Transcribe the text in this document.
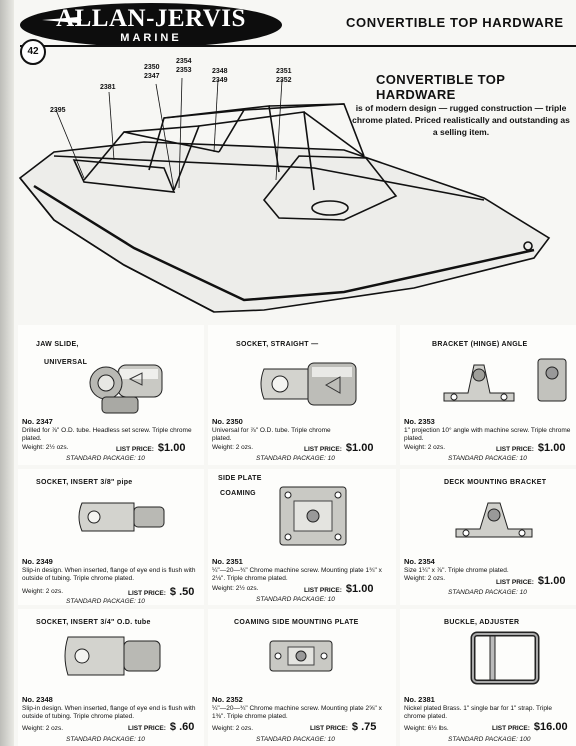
ALLAN-JERVIS
MARINE
CONVERTIBLE TOP HARDWARE
42
CONVERTIBLE TOP HARDWARE
is of modern design — rugged construction — triple chrome plated. Priced realistically and outstanding as a selling item.
2395
2381
2350
2347
2354
2353	2348
2349
2351
2352
JAW SLIDE,
UNIVERSAL
No. 2347
Drilled for ⅞" O.D. tube. Headless set screw. Triple chrome plated.
Weight: 2½ ozs.	LIST PRICE: $1.00
STANDARD PACKAGE: 10
SOCKET, STRAIGHT —
No. 2350
Universal for ⅞" O.D. tube. Triple chrome plated.
Weight: 2 ozs.	LIST PRICE: $1.00
STANDARD PACKAGE: 10
BRACKET (HINGE) ANGLE
No. 2353
1" projection 10° angle with machine screw. Triple chrome plated.
Weight: 2 ozs.	LIST PRICE: $1.00
STANDARD PACKAGE: 10
SOCKET, INSERT 3/8" pipe
No. 2349
Slip-in design. When inserted, flange of eye end is flush with outside of tubing. Triple chrome plated.
Weight: 2 ozs.	LIST PRICE: $ .50
STANDARD PACKAGE: 10
SIDE PLATE
COAMING
No. 2351
¼"—20—¾" Chrome machine screw. Mounting plate 1¾" x 2⅛". Triple chrome plated.
Weight: 2½ ozs.	LIST PRICE: $1.00
STANDARD PACKAGE: 10
DECK MOUNTING BRACKET
No. 2354
Size 1¼" x ⅞". Triple chrome plated.
Weight: 2 ozs.
LIST PRICE: $1.00
STANDARD PACKAGE: 10
SOCKET, INSERT 3/4" O.D. tube
No. 2348
Slip-in design. When inserted, flange of eye end is flush with outside of tubing. Triple chrome plated.
Weight: 2 ozs.	LIST PRICE: $ .60
STANDARD PACKAGE: 10
COAMING SIDE MOUNTING PLATE
No. 2352
¼"—20—¾" Chrome machine screw. Mounting plate 2⅝" x 1⅜". Triple chrome plated.
Weight: 2 ozs.	LIST PRICE: $ .75
STANDARD PACKAGE: 10
BUCKLE, ADJUSTER
No. 2381
Nickel plated Brass. 1" single bar for 1" strap. Triple chrome plated.
Weight: 6½ lbs.	LIST PRICE: $16.00
STANDARD PACKAGE: 100
